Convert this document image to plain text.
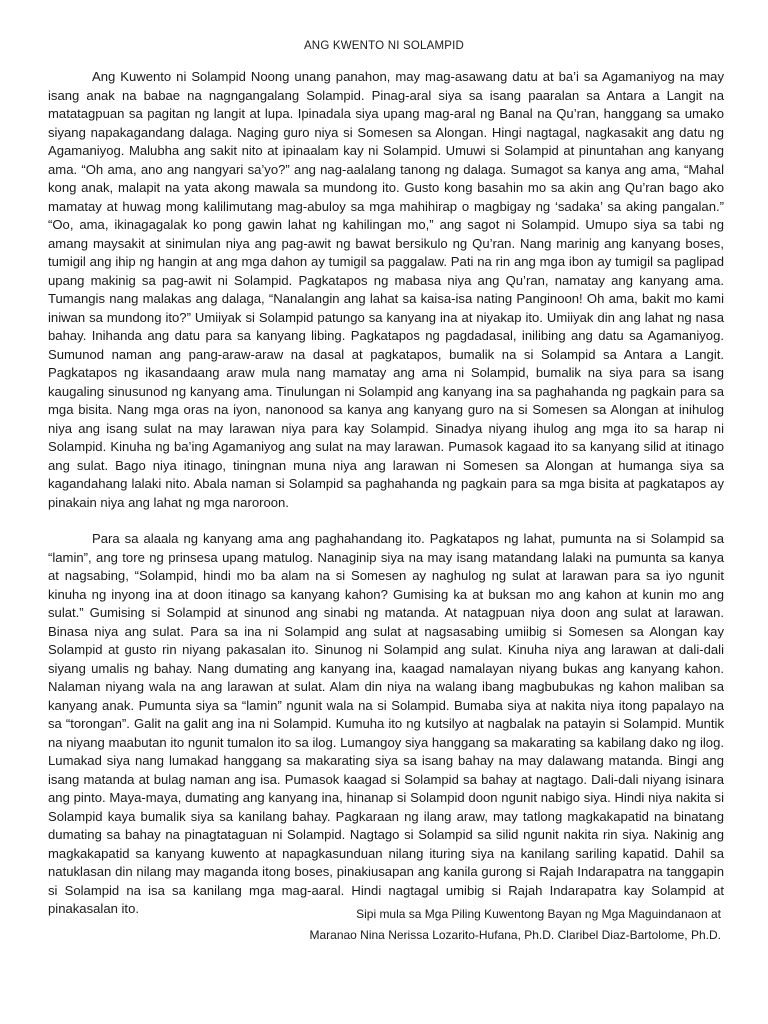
ANG KWENTO NI SOLAMPID

Ang Kuwento ni Solampid Noong unang panahon, may mag-asawang datu at ba’i sa Agamaniyog na may isang anak na babae na nagngangalang Solampid. Pinag-aral siya sa isang paaralan sa Antara a Langit na matatagpuan sa pagitan ng langit at lupa. Ipinadala siya upang mag-aral ng Banal na Qu’ran, hanggang sa umako siyang napakagandang dalaga. Naging guro niya si Somesen sa Alongan. Hingi nagtagal, nagkasakit ang datu ng Agamaniyog. Malubha ang sakit nito at ipinaalam kay ni Solampid. Umuwi si Solampid at pinuntahan ang kanyang ama. “Oh ama, ano ang nangyari sa’yo?” ang nag-aalalang tanong ng dalaga. Sumagot sa kanya ang ama, “Mahal kong anak, malapit na yata akong mawala sa mundong ito. Gusto kong basahin mo sa akin ang Qu’ran bago ako mamatay at huwag mong kalilimutang mag-abuloy sa mga mahihirap o magbigay ng ‘sadaka’ sa aking pangalan.” “Oo, ama, ikinagagalak ko pong gawin lahat ng kahilingan mo,” ang sagot ni Solampid. Umupo siya sa tabi ng amang maysakit at sinimulan niya ang pag-awit ng bawat bersikulo ng Qu’ran. Nang marinig ang kanyang boses, tumigil ang ihip ng hangin at ang mga dahon ay tumigil sa paggalaw. Pati na rin ang mga ibon ay tumigil sa paglipad upang makinig sa pag-awit ni Solampid. Pagkatapos ng mabasa niya ang Qu’ran, namatay ang kanyang ama. Tumangis nang malakas ang dalaga, “Nanalangin ang lahat sa kaisa-isa nating Panginoon! Oh ama, bakit mo kami iniwan sa mundong ito?” Umiiyak si Solampid patungo sa kanyang ina at niyakap ito. Umiiyak din ang lahat ng nasa bahay. Inihanda ang datu para sa kanyang libing. Pagkatapos ng pagdadasal, inilibing ang datu sa Agamaniyog. Sumunod naman ang pang-araw-araw na dasal at pagkatapos, bumalik na si Solampid sa Antara a Langit. Pagkatapos ng ikasandaang araw mula nang mamatay ang ama ni Solampid, bumalik na siya para sa isang kaugaling sinusunod ng kanyang ama. Tinulungan ni Solampid ang kanyang ina sa paghahanda ng pagkain para sa mga bisita. Nang mga oras na iyon, nanonood sa kanya ang kanyang guro na si Somesen sa Alongan at inihulog niya ang isang sulat na may larawan niya para kay Solampid. Sinadya niyang ihulog ang mga ito sa harap ni Solampid. Kinuha ng ba’ing Agamaniyog ang sulat na may larawan. Pumasok kagaad ito sa kanyang silid at itinago ang sulat. Bago niya itinago, tiningnan muna niya ang larawan ni Somesen sa Alongan at humanga siya sa kagandahang lalaki nito. Abala naman si Solampid sa paghahanda ng pagkain para sa mga bisita at pagkatapos ay pinakain niya ang lahat ng mga naroroon.

Para sa alaala ng kanyang ama ang paghahandang ito. Pagkatapos ng lahat, pumunta na si Solampid sa “lamin”, ang tore ng prinsesa upang matulog. Nanaginip siya na may isang matandang lalaki na pumunta sa kanya at nagsabing, “Solampid, hindi mo ba alam na si Somesen ay naghulog ng sulat at larawan para sa iyo ngunit kinuha ng inyong ina at doon itinago sa kanyang kahon? Gumising ka at buksan mo ang kahon at kunin mo ang sulat.” Gumising si Solampid at sinunod ang sinabi ng matanda. At natagpuan niya doon ang sulat at larawan. Binasa niya ang sulat. Para sa ina ni Solampid ang sulat at nagsasabing umiibig si Somesen sa Alongan kay Solampid at gusto rin niyang pakasalan ito. Sinunog ni Solampid ang sulat. Kinuha niya ang larawan at dali-dali siyang umalis ng bahay. Nang dumating ang kanyang ina, kaagad namalayan niyang bukas ang kanyang kahon. Nalaman niyang wala na ang larawan at sulat. Alam din niya na walang ibang magbubukas ng kahon maliban sa kanyang anak. Pumunta siya sa “lamin” ngunit wala na si Solampid. Bumaba siya at nakita niya itong papalayo na sa “torongan”. Galit na galit ang ina ni Solampid. Kumuha ito ng kutsilyo at nagbalak na patayin si Solampid. Muntik na niyang maabutan ito ngunit tumalon ito sa ilog. Lumangoy siya hanggang sa makarating sa kabilang dako ng ilog. Lumakad siya nang lumakad hanggang sa makarating siya sa isang bahay na may dalawang matanda. Bingi ang isang matanda at bulag naman ang isa. Pumasok kaagad si Solampid sa bahay at nagtago. Dali-dali niyang isinara ang pinto. Maya-maya, dumating ang kanyang ina, hinanap si Solampid doon ngunit nabigo siya. Hindi niya nakita si Solampid kaya bumalik siya sa kanilang bahay. Pagkaraan ng ilang araw, may tatlong magkakapatid na binatang dumating sa bahay na pinagtataguan ni Solampid. Nagtago si Solampid sa silid ngunit nakita rin siya. Nakinig ang magkakapatid sa kanyang kuwento at napagkasunduan nilang ituring siya na kanilang sariling kapatid. Dahil sa natuklasan din nilang may maganda itong boses, pinakiusapan ang kanila gurong si Rajah Indarapatra na tanggapin si Solampid na isa sa kanilang mga mag-aaral. Hindi nagtagal umibig si Rajah Indarapatra kay Solampid at pinakasalan ito.	Sipi mula sa Mga Piling Kuwentong Bayan ng Mga Maguindanaon at
Maranao Nina Nerissa Lozarito-Hufana, Ph.D. Claribel Diaz-Bartolome, Ph.D.
